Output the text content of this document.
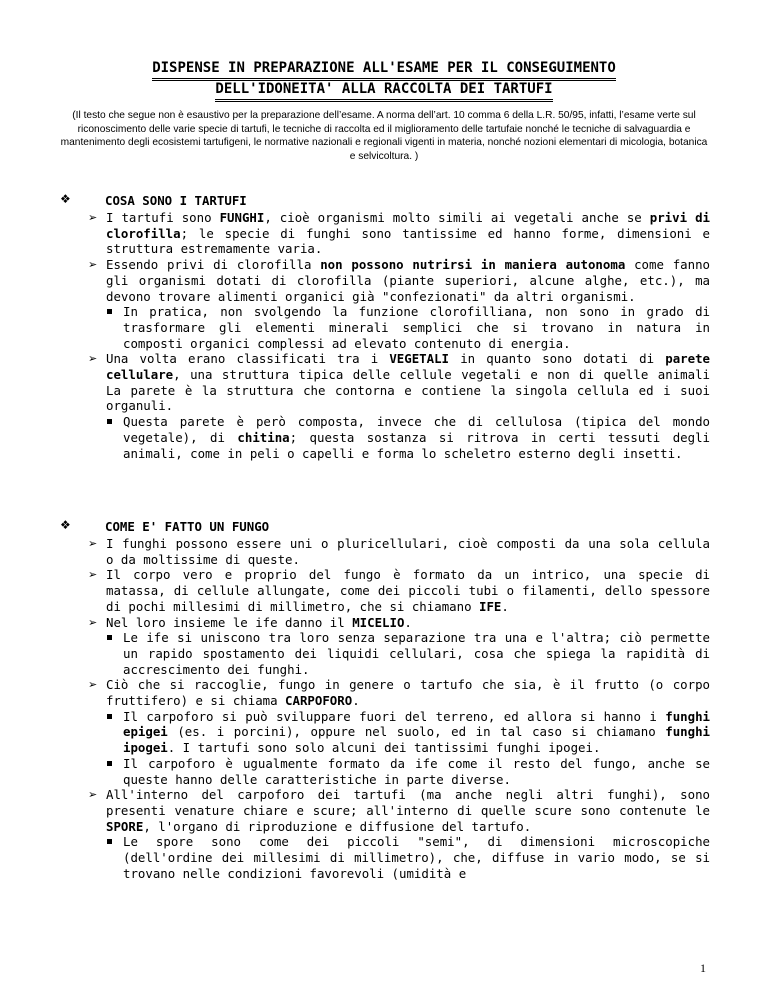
DISPENSE IN PREPARAZIONE ALL'ESAME PER IL CONSEGUIMENTO
DELL'IDONEITA' ALLA RACCOLTA DEI TARTUFI
(Il testo che segue non è esaustivo per la preparazione dell’esame. A norma dell’art. 10 comma 6 della L.R. 50/95, infatti, l’esame verte sul riconoscimento delle varie specie di tartufi, le tecniche di raccolta ed il miglioramento delle tartufaie nonché le tecniche di salvaguardia e mantenimento degli ecosistemi tartufigeni, le normative nazionali e regionali vigenti in materia, nonché nozioni elementari di micologia, botanica e selvicoltura. )
❖	COSA SONO I TARTUFI
➢ I tartufi sono FUNGHI, cioè organismi molto simili ai vegetali anche se privi di clorofilla; le specie di funghi sono tantissime ed hanno forme, dimensioni e struttura estremamente varia.
➢ Essendo privi di clorofilla non possono nutrirsi in maniera autonoma come fanno gli organismi dotati di clorofilla (piante superiori, alcune alghe, etc.), ma devono trovare alimenti organici già "confezionati" da altri organismi.
In pratica, non svolgendo la funzione clorofilliana, non sono in grado di trasformare gli elementi minerali semplici che si trovano in natura in composti organici complessi ad elevato contenuto di energia.
➢ Una volta erano classificati tra i VEGETALI in quanto sono dotati di parete cellulare, una struttura tipica delle cellule vegetali e non di quelle animali La parete è la struttura che contorna e contiene la singola cellula ed i suoi organuli.
Questa parete è però composta, invece che di cellulosa (tipica del mondo vegetale), di chitina; questa sostanza si ritrova in certi tessuti degli animali, come in peli o capelli e forma lo scheletro esterno degli insetti.
❖	COME E' FATTO UN FUNGO
➢ I funghi possono essere uni o pluricellulari, cioè composti da una sola cellula o da moltissime di queste.
➢ Il corpo vero e proprio del fungo è formato da un intrico, una specie di matassa, di cellule allungate, come dei piccoli tubi o filamenti, dello spessore di pochi millesimi di millimetro, che si chiamano IFE.
➢ Nel loro insieme le ife danno il MICELIO.
Le ife si uniscono tra loro senza separazione tra una e l'altra; ciò permette un rapido spostamento dei liquidi cellulari, cosa che spiega la rapidità di accrescimento dei funghi.
➢ Ciò che si raccoglie, fungo in genere o tartufo che sia, è il frutto (o corpo fruttifero) e si chiama CARPOFORO.
Il carpoforo si può sviluppare fuori del terreno, ed allora si hanno i funghi epigei (es. i porcini), oppure nel suolo, ed in tal caso si chiamano funghi ipogei. I tartufi sono solo alcuni dei tantissimi funghi ipogei.
Il carpoforo è ugualmente formato da ife come il resto del fungo, anche se queste hanno delle caratteristiche in parte diverse.
➢ All'interno del carpoforo dei tartufi (ma anche negli altri funghi), sono presenti venature chiare e scure; all'interno di quelle scure sono contenute le SPORE, l'organo di riproduzione e diffusione del tartufo.
Le spore sono come dei piccoli "semi", di dimensioni microscopiche (dell'ordine dei millesimi di millimetro), che, diffuse in vario modo, se si trovano nelle condizioni favorevoli (umidità e
1
